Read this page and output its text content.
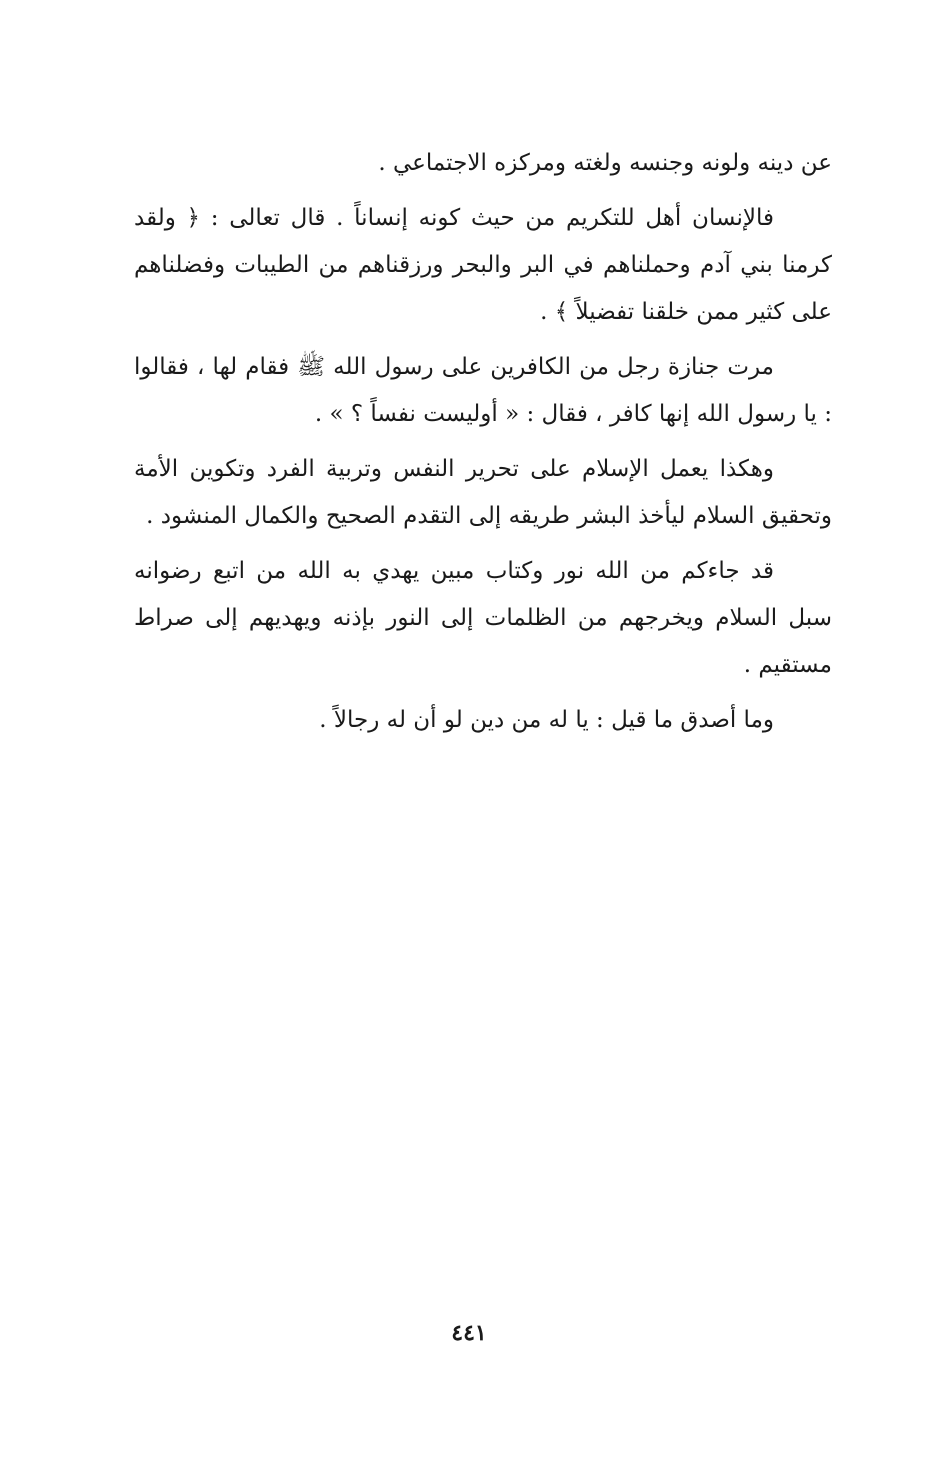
عن دينه ولونه وجنسه ولغته ومركزه الاجتماعي .

فالإنسان أهل للتكريم من حيث كونه إنساناً . قال تعالى : ﴿ ولقد كرمنا بني آدم وحملناهم في البر والبحر ورزقناهم من الطيبات وفضلناهم على كثير ممن خلقنا تفضيلاً ﴾ .

مرت جنازة رجل من الكافرين على رسول الله ﷺ فقام لها ، فقالوا : يا رسول الله إنها كافر ، فقال : « أوليست نفساً ؟ » .

وهكذا يعمل الإسلام على تحرير النفس وتربية الفرد وتكوين الأمة وتحقيق السلام ليأخذ البشر طريقه إلى التقدم الصحيح والكمال المنشود .

قد جاءكم من الله نور وكتاب مبين يهدي به الله من اتبع رضوانه سبل السلام ويخرجهم من الظلمات إلى النور بإذنه ويهديهم إلى صراط مستقيم .

وما أصدق ما قيل : يا له من دين لو أن له رجالاً .

٤٤١
